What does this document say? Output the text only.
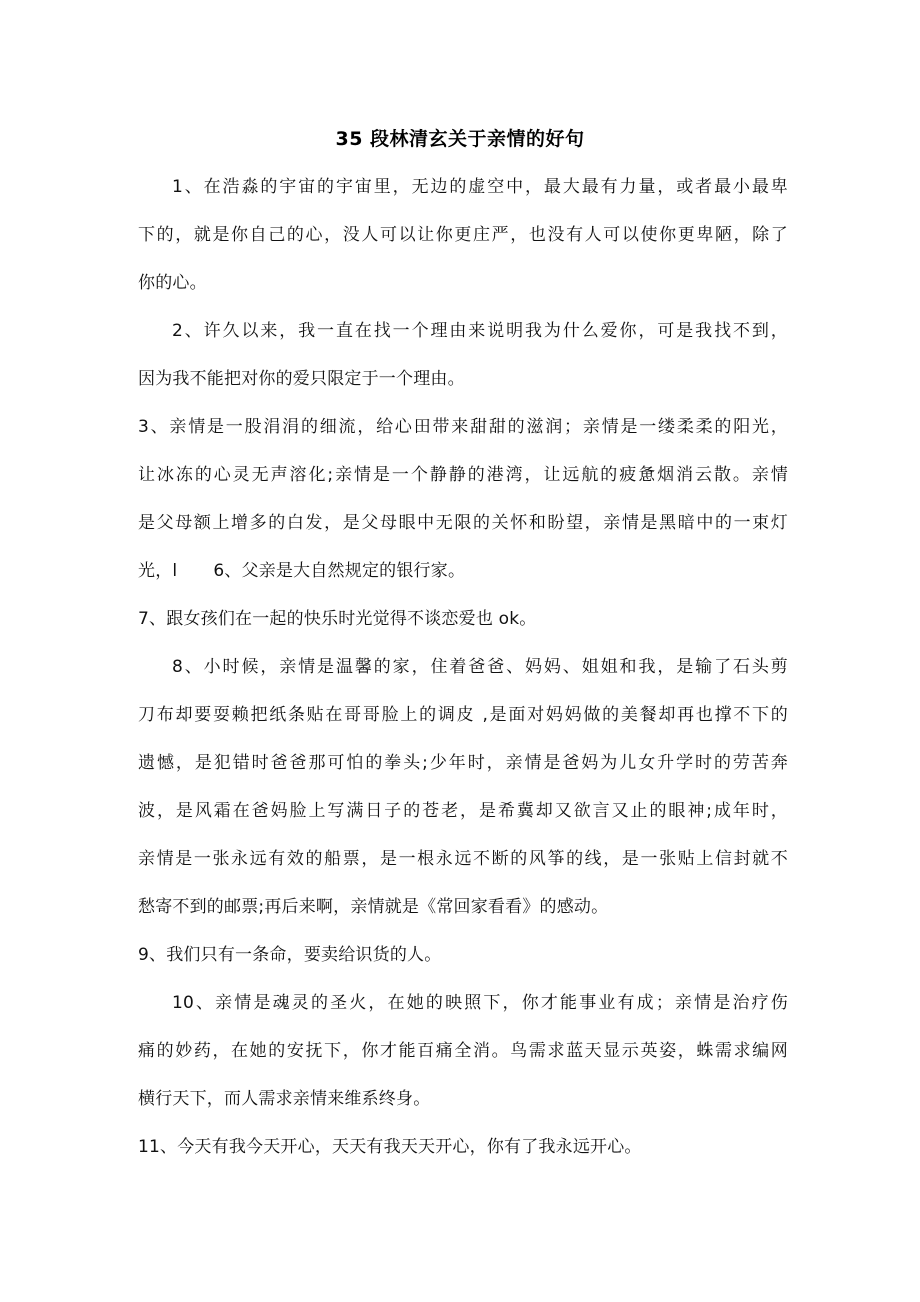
35 段林清玄关于亲情的好句
1、在浩淼的宇宙的宇宙里，无边的虚空中，最大最有力量，或者最小最卑
下的，就是你自己的心，没人可以让你更庄严，也没有人可以使你更卑陋，除了
你的心。
2、许久以来，我一直在找一个理由来说明我为什么爱你，可是我找不到，
因为我不能把对你的爱只限定于一个理由。
3、亲情是一股涓涓的细流，给心田带来甜甜的滋润；亲情是一缕柔柔的阳光，
让冰冻的心灵无声溶化;亲情是一个静静的港湾，让远航的疲惫烟消云散。亲情
是父母额上增多的白发，是父母眼中无限的关怀和盼望，亲情是黑暗中的一束灯
光，l 6、父亲是大自然规定的银行家。
7、跟女孩们在一起的快乐时光觉得不谈恋爱也 ok。
8、小时候，亲情是温馨的家，住着爸爸、妈妈、姐姐和我，是输了石头剪
刀布却要耍赖把纸条贴在哥哥脸上的调皮 ,是面对妈妈做的美餐却再也撑不下的
遗憾，是犯错时爸爸那可怕的拳头;少年时，亲情是爸妈为儿女升学时的劳苦奔
波，是风霜在爸妈脸上写满日子的苍老，是希冀却又欲言又止的眼神;成年时，
亲情是一张永远有效的船票，是一根永远不断的风筝的线，是一张贴上信封就不
愁寄不到的邮票;再后来啊，亲情就是《常回家看看》的感动。
9、我们只有一条命，要卖给识货的人。
10、亲情是魂灵的圣火，在她的映照下，你才能事业有成；亲情是治疗伤
痛的妙药，在她的安抚下，你才能百痛全消。鸟需求蓝天显示英姿，蛛需求编网
横行天下，而人需求亲情来维系终身。
11、今天有我今天开心，天天有我天天开心，你有了我永远开心。
